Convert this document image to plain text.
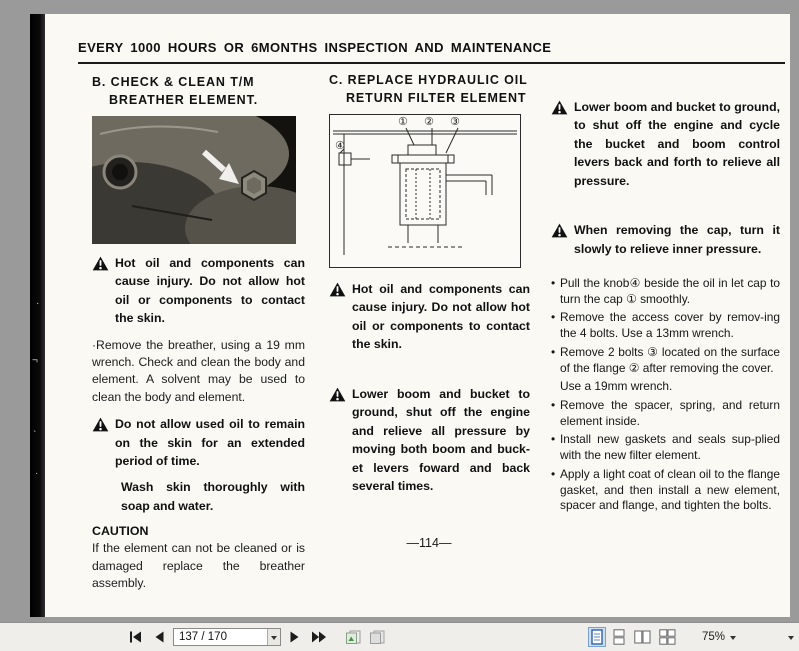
·
¬
`
·
EVERY 1000 HOURS OR 6MONTHS INSPECTION AND MAINTENANCE
B. CHECK & CLEAN T/M
BREATHER ELEMENT.
Hot oil and components can cause injury. Do not allow hot oil or components to contact the skin.
·Remove the breather, using a 19 mm wrench. Check and clean the body and element. A solvent may be used to clean the body and element.
Do not allow used oil to remain on the skin for an extended period of time.
Wash skin thoroughly with soap and water.
CAUTION
If the element can not be cleaned or is damaged replace the breather assembly.
C. REPLACE HYDRAULIC OIL
RETURN FILTER ELEMENT
① ② ③
④
Hot oil and components can cause injury. Do not allow hot oil or components to contact the skin.
Lower boom and bucket to ground, shut off the engine and relieve all pressure by moving both boom and buck-et levers foward and back several times.
Lower boom and bucket to ground, to shut off the engine and cycle the bucket and boom control levers back and forth to relieve all pressure.
When removing the cap, turn it slowly to relieve inner pressure.
• Pull the knob④ beside the oil in let cap to turn the cap ① smoothly.
• Remove the access cover by remov-ing the 4 bolts. Use a 13mm wrench.
• Remove 2 bolts ③ located on the surface of the flange ② after removing the cover.
Use a 19mm wrench.
• Remove the spacer, spring, and return element inside.
• Install new gaskets and seals sup-plied with the new filter element.
• Apply a light coat of clean oil to the flange gasket, and then install a new element, spacer and flange, and tighten the bolts.
—114—
137 / 170
75%
